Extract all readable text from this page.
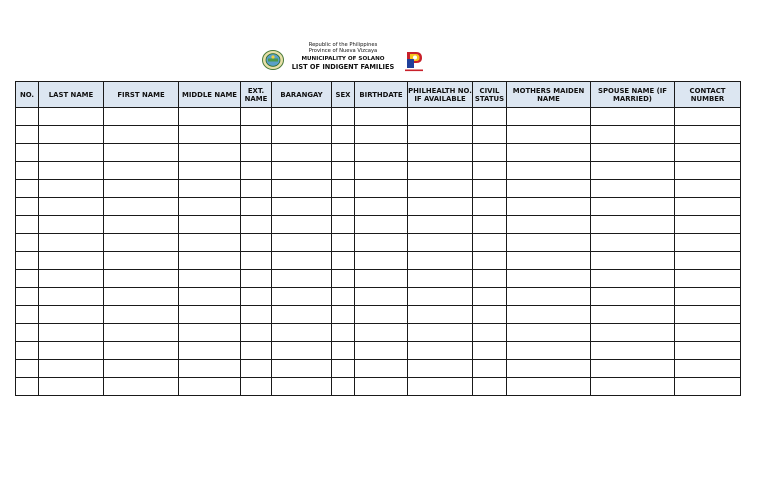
Republic of the Philippines
Province of Nueva Vizcaya
MUNICIPALITY OF SOLANO
LIST OF INDIGENT FAMILIES
NO.	LAST NAME	FIRST NAME	MIDDLE NAME	EXT. NAME	BARANGAY	SEX	BIRTHDATE	PHILHEALTH NO. IF AVAILABLE	CIVIL STATUS	MOTHERS MAIDEN NAME	SPOUSE NAME (IF MARRIED)	CONTACT NUMBER
